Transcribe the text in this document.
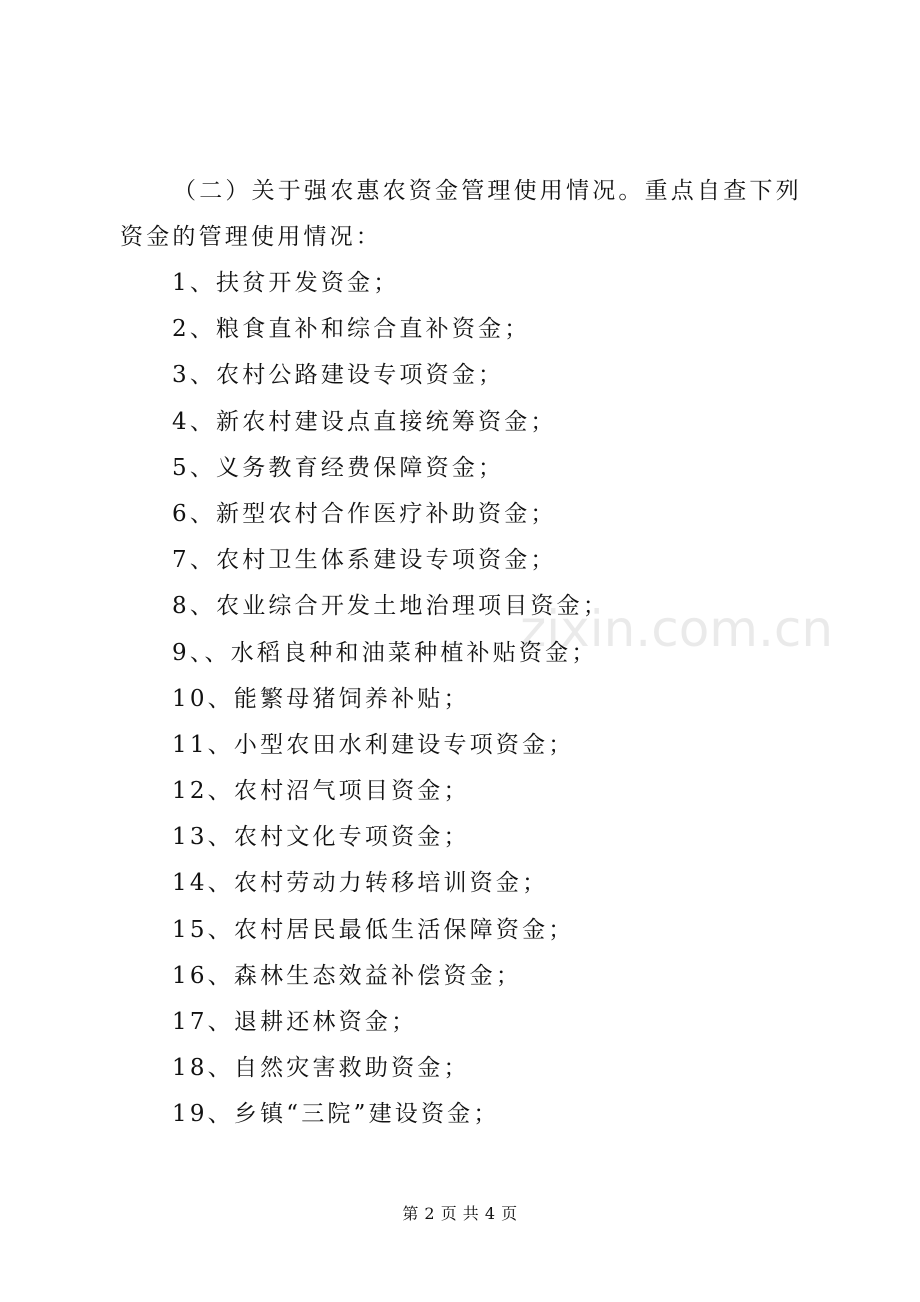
（二）关于强农惠农资金管理使用情况。重点自查下列资金的管理使用情况：

1、扶贫开发资金；
2、粮食直补和综合直补资金；
3、农村公路建设专项资金；
4、新农村建设点直接统筹资金；
5、义务教育经费保障资金；
6、新型农村合作医疗补助资金；
7、农村卫生体系建设专项资金；
8、农业综合开发土地治理项目资金；
9、、水稻良种和油菜种植补贴资金；
10、能繁母猪饲养补贴；
11、小型农田水利建设专项资金；
12、农村沼气项目资金；
13、农村文化专项资金；
14、农村劳动力转移培训资金；
15、农村居民最低生活保障资金；
16、森林生态效益补偿资金；
17、退耕还林资金；
18、自然灾害救助资金；
19、乡镇“三院”建设资金；
zixin.com.cn
第 2 页 共 4 页
